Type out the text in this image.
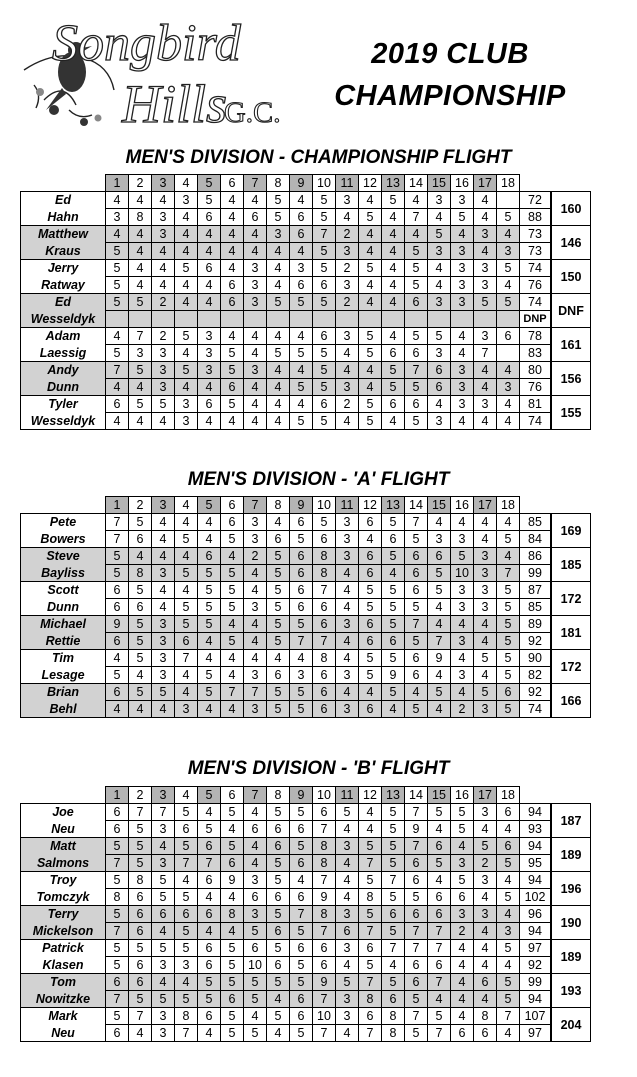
Songbird
Hills
G.C.
2019 CLUB
CHAMPIONSHIP
MEN'S DIVISION - CHAMPIONSHIP FLIGHT
	1	2	3	4	5	6	7	8	9	10	11	12	13	14	15	16	17	18		
Ed	4	4	4	3	5	4	4	5	4	5	3	4	5	4	3	3	4		72	160
Hahn	3	8	3	4	6	4	6	5	6	5	4	5	4	7	4	5	4	5	88	
Matthew	4	4	3	4	4	4	4	3	6	7	2	4	4	4	5	4	3	4	73	146
Kraus	5	4	4	4	4	4	4	4	4	5	3	4	4	5	3	3	4	3	73	
Jerry	5	4	4	5	6	4	3	4	3	5	2	5	4	5	4	3	3	5	74	150
Ratway	5	4	4	4	4	6	3	4	6	6	3	4	4	5	4	3	3	4	76	
Ed	5	5	2	4	4	6	3	5	5	5	2	4	4	6	3	3	5	5	74	DNF
Wesseldyk																			DNP	
Adam	4	7	2	5	3	4	4	4	4	6	3	5	4	5	5	4	3	6	78	161
Laessig	5	3	3	4	3	5	4	5	5	5	4	5	6	6	3	4	7		83	
Andy	7	5	3	5	3	5	3	4	4	5	4	4	5	7	6	3	4	4	80	156
Dunn	4	4	3	4	4	6	4	4	5	5	3	4	5	5	6	3	4	3	76	
Tyler	6	5	5	3	6	5	4	4	4	6	2	5	6	6	4	3	3	4	81	155
Wesseldyk	4	4	4	3	4	4	4	4	5	5	4	5	4	5	3	4	4	4	74	
MEN'S DIVISION - 'A' FLIGHT
	1	2	3	4	5	6	7	8	9	10	11	12	13	14	15	16	17	18		
Pete	7	5	4	4	4	6	3	4	6	5	3	6	5	7	4	4	4	4	85	169
Bowers	7	6	4	5	4	5	3	6	5	6	3	4	6	5	3	3	4	5	84	
Steve	5	4	4	4	6	4	2	5	6	8	3	6	5	6	6	5	3	4	86	185
Bayliss	5	8	3	5	5	5	4	5	6	8	4	6	4	6	5	10	3	7	99	
Scott	6	5	4	4	5	5	4	5	6	7	4	5	5	6	5	3	3	5	87	172
Dunn	6	6	4	5	5	5	3	5	6	6	4	5	5	5	4	3	3	5	85	
Michael	9	5	3	5	5	4	4	5	5	6	3	6	5	7	4	4	4	5	89	181
Rettie	6	5	3	6	4	5	4	5	7	7	4	6	6	5	7	3	4	5	92	
Tim	4	5	3	7	4	4	4	4	4	8	4	5	5	6	9	4	5	5	90	172
Lesage	5	4	3	4	5	4	3	6	3	6	3	5	9	6	4	3	4	5	82	
Brian	6	5	5	4	5	7	7	5	5	6	4	4	5	4	5	4	5	6	92	166
Behl	4	4	4	3	4	4	3	5	5	6	3	6	4	5	4	2	3	5	74	
MEN'S DIVISION - 'B' FLIGHT
	1	2	3	4	5	6	7	8	9	10	11	12	13	14	15	16	17	18		
Joe	6	7	7	5	4	5	4	5	5	6	5	4	5	7	5	5	3	6	94	187
Neu	6	5	3	6	5	4	6	6	6	7	4	4	5	9	4	5	4	4	93	
Matt	5	5	4	5	6	5	4	6	5	8	3	5	5	7	6	4	5	6	94	189
Salmons	7	5	3	7	7	6	4	5	6	8	4	7	5	6	5	3	2	5	95	
Troy	5	8	5	4	6	9	3	5	4	7	4	5	7	6	4	5	3	4	94	196
Tomczyk	8	6	5	5	4	4	6	6	6	9	4	8	5	5	6	6	4	5	102	
Terry	5	6	6	6	6	8	3	5	7	8	3	5	6	6	6	3	3	4	96	190
Mickelson	7	6	4	5	4	4	5	6	5	7	6	7	5	7	7	2	4	3	94	
Patrick	5	5	5	5	6	5	6	5	6	6	3	6	7	7	7	4	4	5	97	189
Klasen	5	6	3	3	6	5	10	6	5	6	4	5	4	6	6	4	4	4	92	
Tom	6	6	4	4	5	5	5	5	5	9	5	7	5	6	7	4	6	5	99	193
Nowitzke	7	5	5	5	5	6	5	4	6	7	3	8	6	5	4	4	4	5	94	
Mark	5	7	3	8	6	5	4	5	6	10	3	6	8	7	5	4	8	7	107	204
Neu	6	4	3	7	4	5	5	4	5	7	4	7	8	5	7	6	6	4	97	
